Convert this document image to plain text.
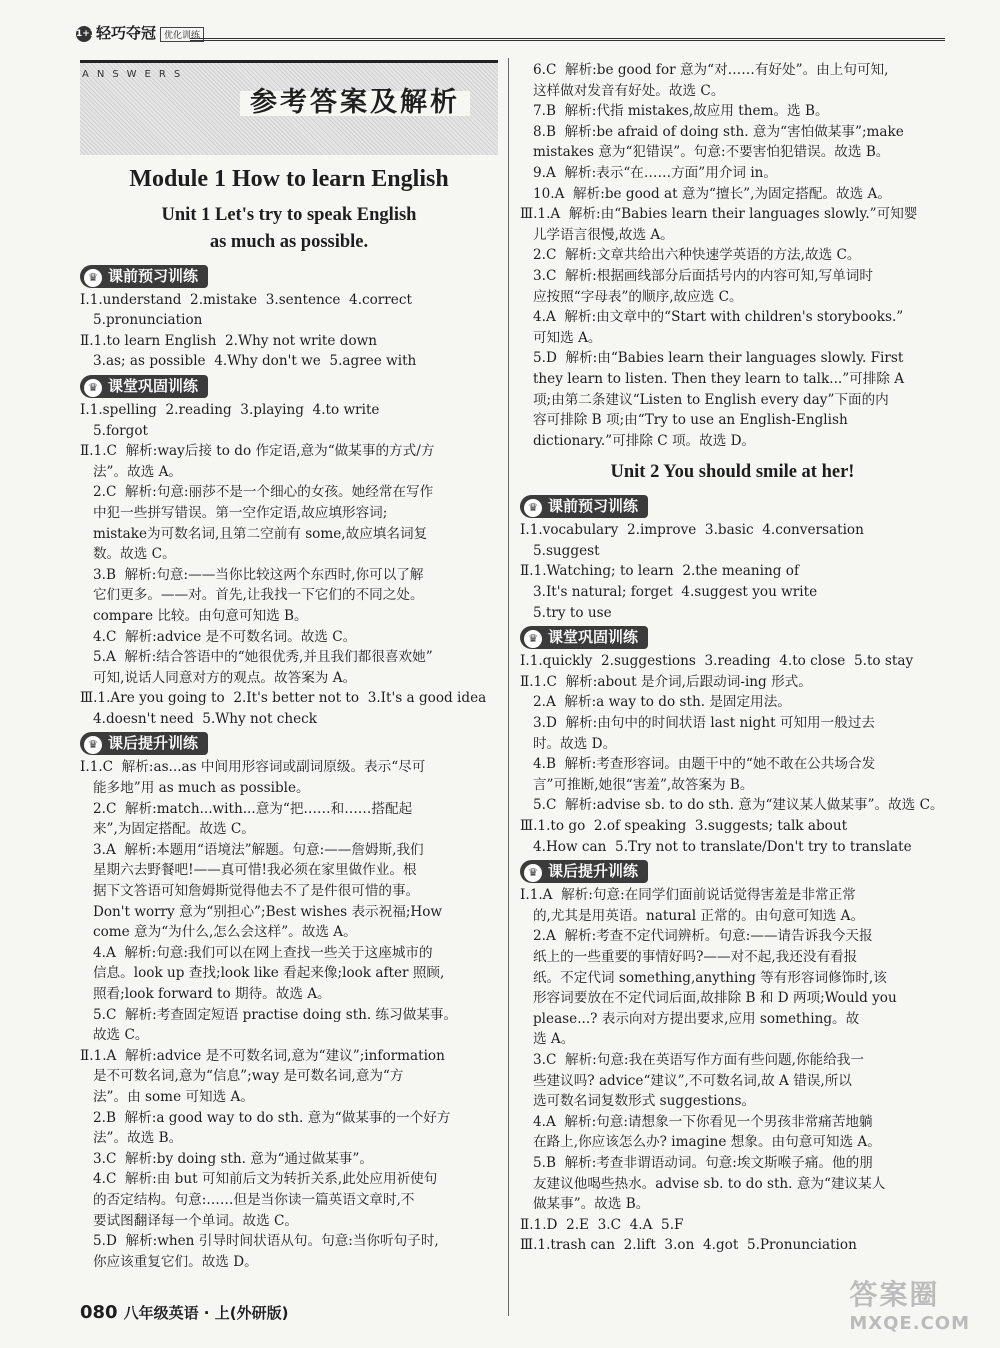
1+1轻巧夺冠 优化训练
ANSWERS
参考答案及解析
Module 1 How to learn English
Unit 1 Let's try to speak English
as much as possible.
♛ 课前预习训练
Ⅰ.1.understand  2.mistake  3.sentence  4.correct
5.pronunciation
Ⅱ.1.to learn English  2.Why not write down
3.as; as possible  4.Why don't we  5.agree with
♛ 课堂巩固训练
Ⅰ.1.spelling  2.reading  3.playing  4.to write
5.forgot
Ⅱ.1.C  解析:way后接 to do 作定语,意为“做某事的方式/方
法”。故选 A。
2.C  解析:句意:丽莎不是一个细心的女孩。她经常在写作
中犯一些拼写错误。第一空作定语,故应填形容词;
mistake为可数名词,且第二空前有 some,故应填名词复
数。故选 C。
3.B  解析:句意:——当你比较这两个东西时,你可以了解
它们更多。——对。首先,让我找一下它们的不同之处。
compare 比较。由句意可知选 B。
4.C  解析:advice 是不可数名词。故选 C。
5.A  解析:结合答语中的“她很优秀,并且我们都很喜欢她”
可知,说话人同意对方的观点。故答案为 A。
Ⅲ.1.Are you going to  2.It's better not to  3.It's a good idea
4.doesn't need  5.Why not check
♛ 课后提升训练
Ⅰ.1.C  解析:as...as 中间用形容词或副词原级。表示“尽可
能多地”用 as much as possible。
2.C  解析:match...with...意为“把……和……搭配起
来”,为固定搭配。故选 C。
3.A  解析:本题用“语境法”解题。句意:——詹姆斯,我们
星期六去野餐吧!——真可惜!我必须在家里做作业。根
据下文答语可知詹姆斯觉得他去不了是件很可惜的事。
Don't worry 意为“别担心”;Best wishes 表示祝福;How
come 意为“为什么,怎么会这样”。故选 A。
4.A  解析:句意:我们可以在网上查找一些关于这座城市的
信息。look up 查找;look like 看起来像;look after 照顾,
照看;look forward to 期待。故选 A。
5.C  解析:考查固定短语 practise doing sth. 练习做某事。
故选 C。
Ⅱ.1.A  解析:advice 是不可数名词,意为“建议”;information
是不可数名词,意为“信息”;way 是可数名词,意为“方
法”。由 some 可知选 A。
2.B  解析:a good way to do sth. 意为“做某事的一个好方
法”。故选 B。
3.C  解析:by doing sth. 意为“通过做某事”。
4.C  解析:由 but 可知前后文为转折关系,此处应用祈使句
的否定结构。句意:……但是当你读一篇英语文章时,不
要试图翻译每一个单词。故选 C。
5.D  解析:when 引导时间状语从句。句意:当你听句子时,
你应该重复它们。故选 D。
6.C  解析:be good for 意为“对……有好处”。由上句可知,
这样做对发音有好处。故选 C。
7.B  解析:代指 mistakes,故应用 them。选 B。
8.B  解析:be afraid of doing sth. 意为“害怕做某事”;make
mistakes 意为“犯错误”。句意:不要害怕犯错误。故选 B。
9.A  解析:表示“在……方面”用介词 in。
10.A  解析:be good at 意为“擅长”,为固定搭配。故选 A。
Ⅲ.1.A  解析:由“Babies learn their languages slowly.”可知婴
儿学语言很慢,故选 A。
2.C  解析:文章共给出六种快速学英语的方法,故选 C。
3.C  解析:根据画线部分后面括号内的内容可知,写单词时
应按照“字母表”的顺序,故应选 C。
4.A  解析:由文章中的“Start with children's storybooks.”
可知选 A。
5.D  解析:由“Babies learn their languages slowly. First
they learn to listen. Then they learn to talk...”可排除 A
项;由第二条建议“Listen to English every day”下面的内
容可排除 B 项;由“Try to use an English-English
dictionary.”可排除 C 项。故选 D。
Unit 2 You should smile at her!
♛ 课前预习训练
Ⅰ.1.vocabulary  2.improve  3.basic  4.conversation
5.suggest
Ⅱ.1.Watching; to learn  2.the meaning of
3.It's natural; forget  4.suggest you write
5.try to use
♛ 课堂巩固训练
Ⅰ.1.quickly  2.suggestions  3.reading  4.to close  5.to stay
Ⅱ.1.C  解析:about 是介词,后跟动词-ing 形式。
2.A  解析:a way to do sth. 是固定用法。
3.D  解析:由句中的时间状语 last night 可知用一般过去
时。故选 D。
4.B  解析:考查形容词。由题干中的“她不敢在公共场合发
言”可推断,她很“害羞”,故答案为 B。
5.C  解析:advise sb. to do sth. 意为“建议某人做某事”。故选 C。
Ⅲ.1.to go  2.of speaking  3.suggests; talk about
4.How can  5.Try not to translate/Don't try to translate
♛ 课后提升训练
Ⅰ.1.A  解析:句意:在同学们面前说话觉得害羞是非常正常
的,尤其是用英语。natural 正常的。由句意可知选 A。
2.A  解析:考查不定代词辨析。句意:——请告诉我今天报
纸上的一些重要的事情好吗?——对不起,我还没有看报
纸。不定代词 something,anything 等有形容词修饰时,该
形容词要放在不定代词后面,故排除 B 和 D 两项;Would you
please...? 表示向对方提出要求,应用 something。故
选 A。
3.C  解析:句意:我在英语写作方面有些问题,你能给我一
些建议吗? advice“建议”,不可数名词,故 A 错误,所以
选可数名词复数形式 suggestions。
4.A  解析:句意:请想象一下你看见一个男孩非常痛苦地躺
在路上,你应该怎么办? imagine 想象。由句意可知选 A。
5.B  解析:考查非谓语动词。句意:埃文斯喉子痛。他的朋
友建议他喝些热水。advise sb. to do sth. 意为“建议某人
做某事”。故选 B。
Ⅱ.1.D  2.E  3.C  4.A  5.F
Ⅲ.1.trash can  2.lift  3.on  4.got  5.Pronunciation
080 八年级英语 · 上(外研版)
答案圈
MXQE.COM
